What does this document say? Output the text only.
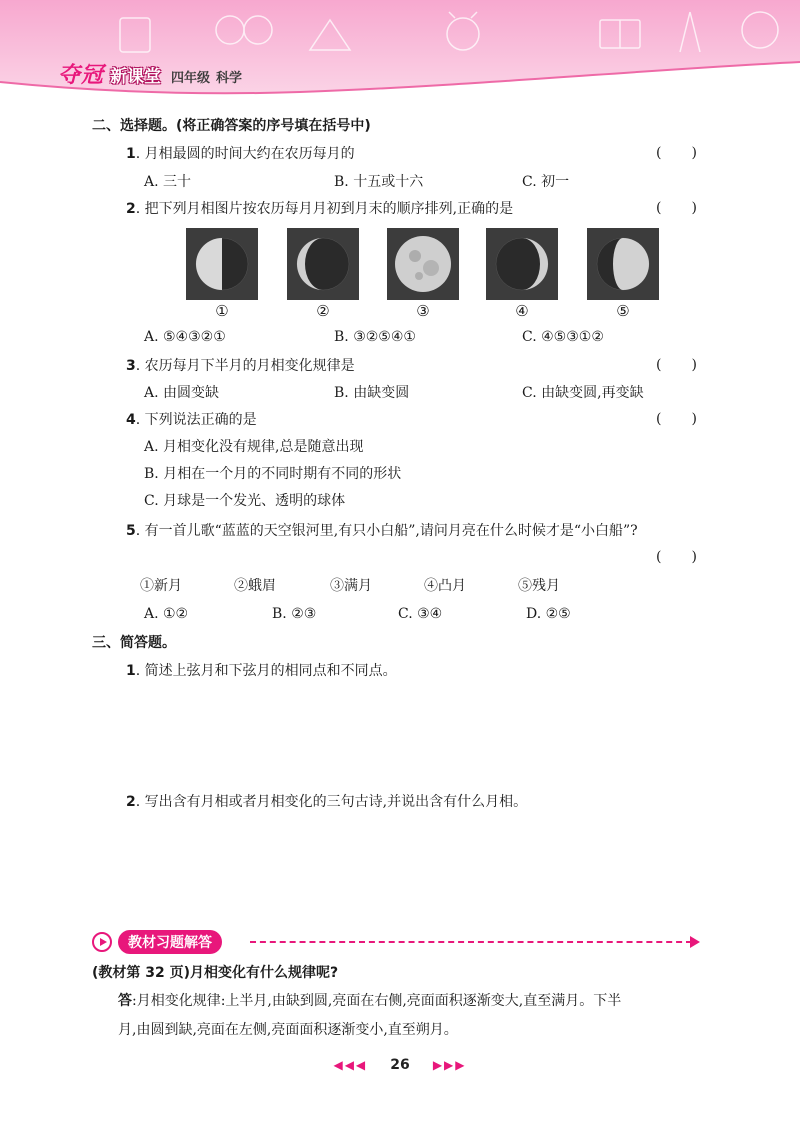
夺冠 新课堂 四年级 科学
二、选择题。(将正确答案的序号填在括号中)
1. 月相最圆的时间大约在农历每月的	( )
A. 三十	B. 十五或十六	C. 初一
2. 把下列月相图片按农历每月月初到月末的顺序排列,正确的是	( )
①	②	③	④	⑤
A. ⑤④③②①	B. ③②⑤④①	C. ④⑤③①②
3. 农历每月下半月的月相变化规律是	( )
A. 由圆变缺	B. 由缺变圆	C. 由缺变圆,再变缺
4. 下列说法正确的是	( )
A. 月相变化没有规律,总是随意出现
B. 月相在一个月的不同时期有不同的形状
C. 月球是一个发光、透明的球体
5. 有一首儿歌“蓝蓝的天空银河里,有只小白船”,请问月亮在什么时候才是“小白船”?
( )
①新月	②蛾眉	③满月	④凸月	⑤残月
A. ①②	B. ②③	C. ③④	D. ②⑤
三、简答题。
1. 简述上弦月和下弦月的相同点和不同点。
2. 写出含有月相或者月相变化的三句古诗,并说出含有什么月相。
教材习题解答
(教材第 32 页)月相变化有什么规律呢?
答:月相变化规律:上半月,由缺到圆,亮面在右侧,亮面面积逐渐变大,直至满月。下半
月,由圆到缺,亮面在左侧,亮面面积逐渐变小,直至朔月。
◀◀◀ 26 ▶▶▶
